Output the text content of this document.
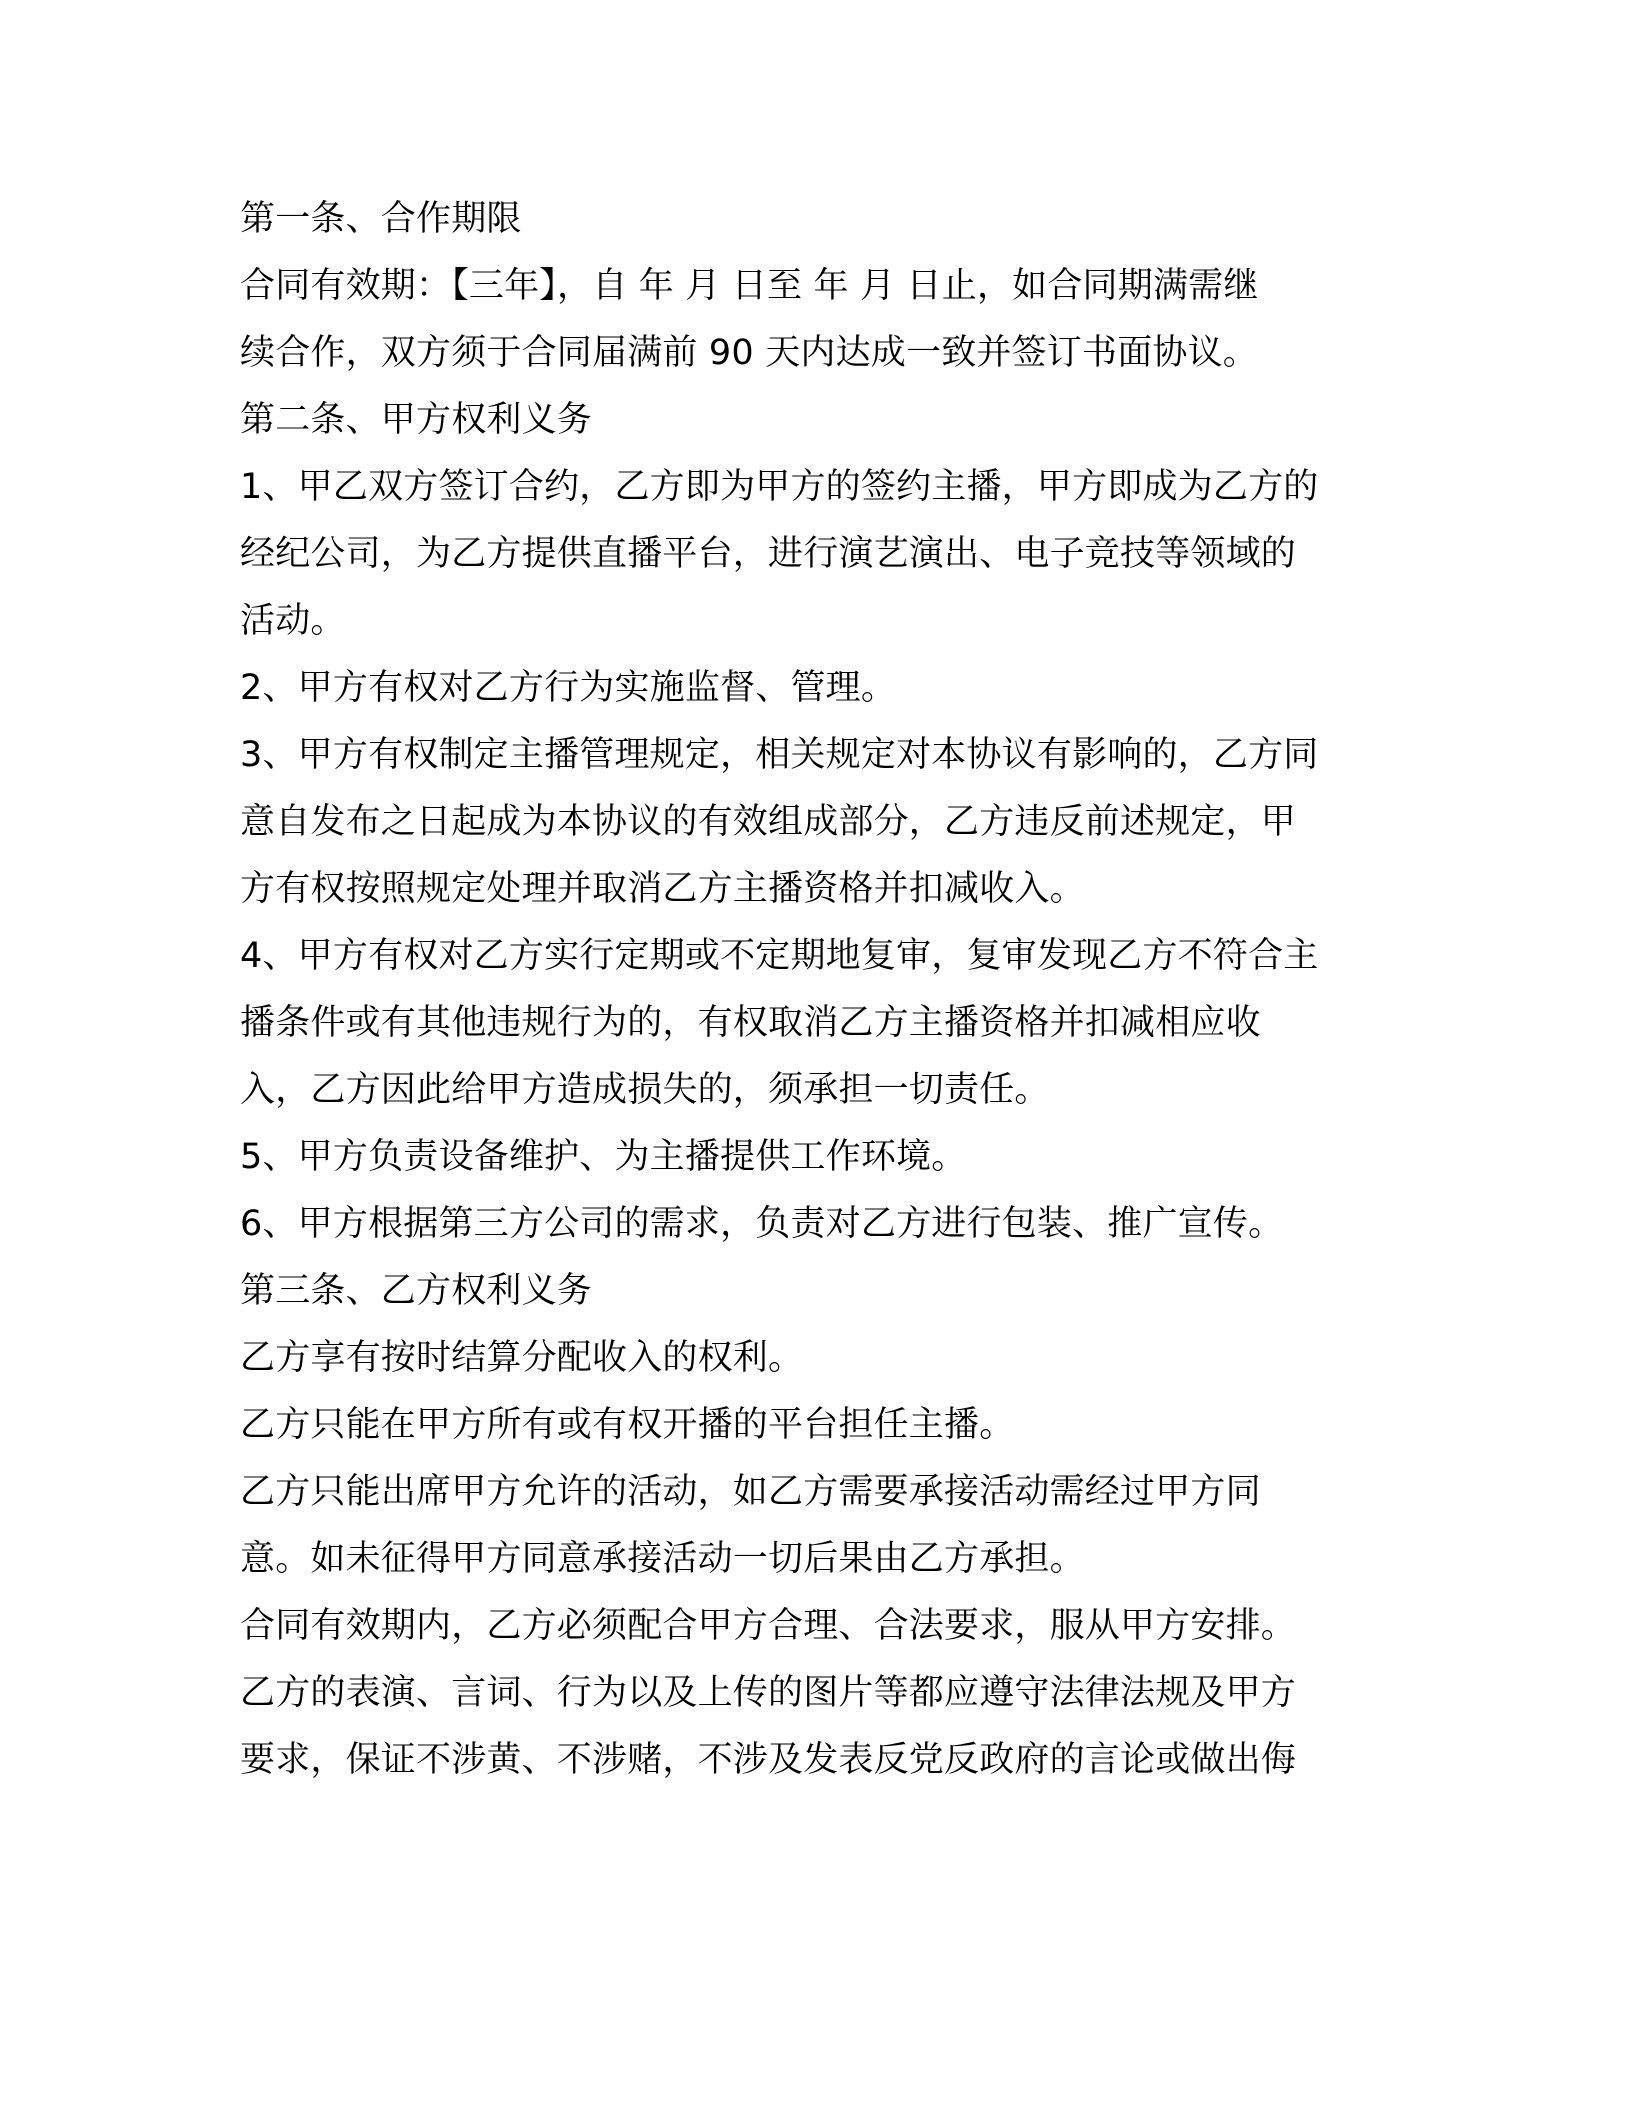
第一条、合作期限
合同有效期：【三年】，自 年 月 日至 年 月 日止，如合同期满需继
续合作，双方须于合同届满前 90 天内达成一致并签订书面协议。
第二条、甲方权利义务
1、甲乙双方签订合约，乙方即为甲方的签约主播，甲方即成为乙方的
经纪公司，为乙方提供直播平台，进行演艺演出、电子竞技等领域的
活动。
2、甲方有权对乙方行为实施监督、管理。
3、甲方有权制定主播管理规定，相关规定对本协议有影响的，乙方同
意自发布之日起成为本协议的有效组成部分，乙方违反前述规定，甲
方有权按照规定处理并取消乙方主播资格并扣减收入。
4、甲方有权对乙方实行定期或不定期地复审，复审发现乙方不符合主
播条件或有其他违规行为的，有权取消乙方主播资格并扣减相应收
入，乙方因此给甲方造成损失的，须承担一切责任。
5、甲方负责设备维护、为主播提供工作环境。
6、甲方根据第三方公司的需求，负责对乙方进行包装、推广宣传。
第三条、乙方权利义务
乙方享有按时结算分配收入的权利。
乙方只能在甲方所有或有权开播的平台担任主播。
乙方只能出席甲方允许的活动，如乙方需要承接活动需经过甲方同
意。如未征得甲方同意承接活动一切后果由乙方承担。
合同有效期内，乙方必须配合甲方合理、合法要求，服从甲方安排。
乙方的表演、言词、行为以及上传的图片等都应遵守法律法规及甲方
要求，保证不涉黄、不涉赌，不涉及发表反党反政府的言论或做出侮
